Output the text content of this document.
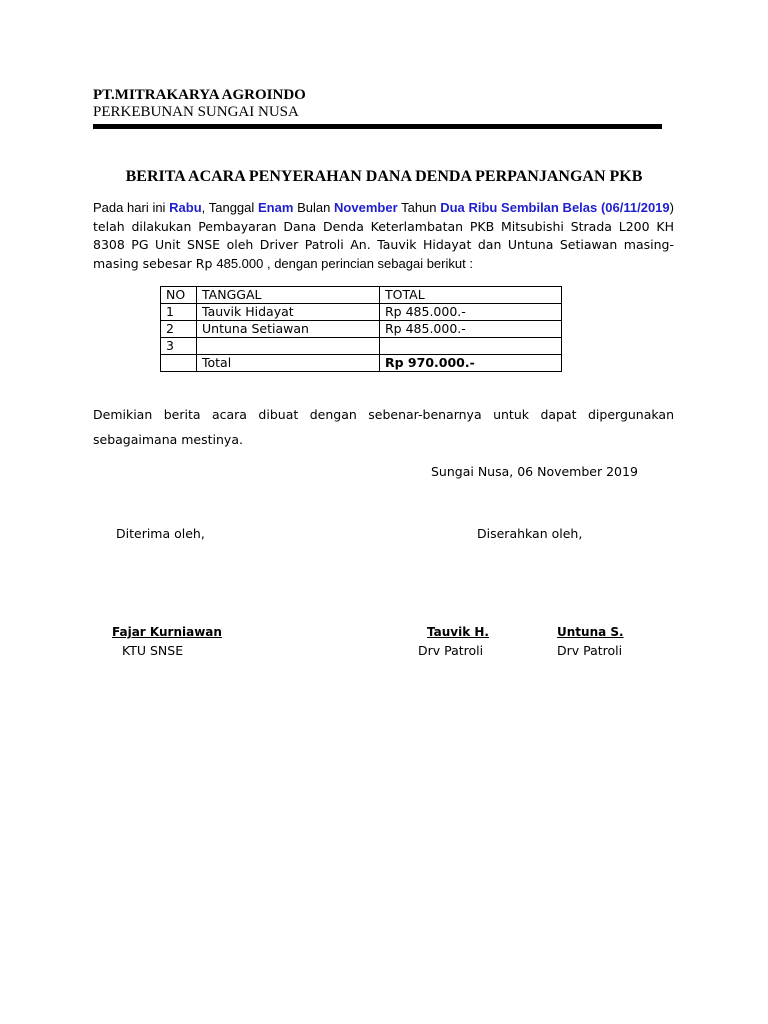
PT.MITRAKARYA AGROINDO
PERKEBUNAN SUNGAI NUSA
BERITA ACARA PENYERAHAN DANA DENDA PERPANJANGAN PKB
Pada hari ini Rabu, Tanggal Enam Bulan November Tahun Dua Ribu Sembilan Belas (06/11/2019) telah dilakukan Pembayaran Dana Denda Keterlambatan PKB Mitsubishi Strada L200 KH 8308 PG Unit SNSE oleh Driver Patroli An. Tauvik Hidayat dan Untuna Setiawan masing-masing sebesar Rp 485.000 , dengan perincian sebagai berikut :
NO	TANGGAL	TOTAL
1	Tauvik Hidayat	Rp 485.000.-
2	Untuna Setiawan	Rp 485.000.-
3		
	Total	Rp 970.000.-
Demikian berita acara dibuat dengan sebenar-benarnya untuk dapat dipergunakan sebagaimana mestinya.
Sungai Nusa, 06 November 2019
Diterima oleh,	Diserahkan oleh,
Fajar Kurniawan	Tauvik H.	Untuna S.
KTU SNSE	Drv Patroli	Drv Patroli
